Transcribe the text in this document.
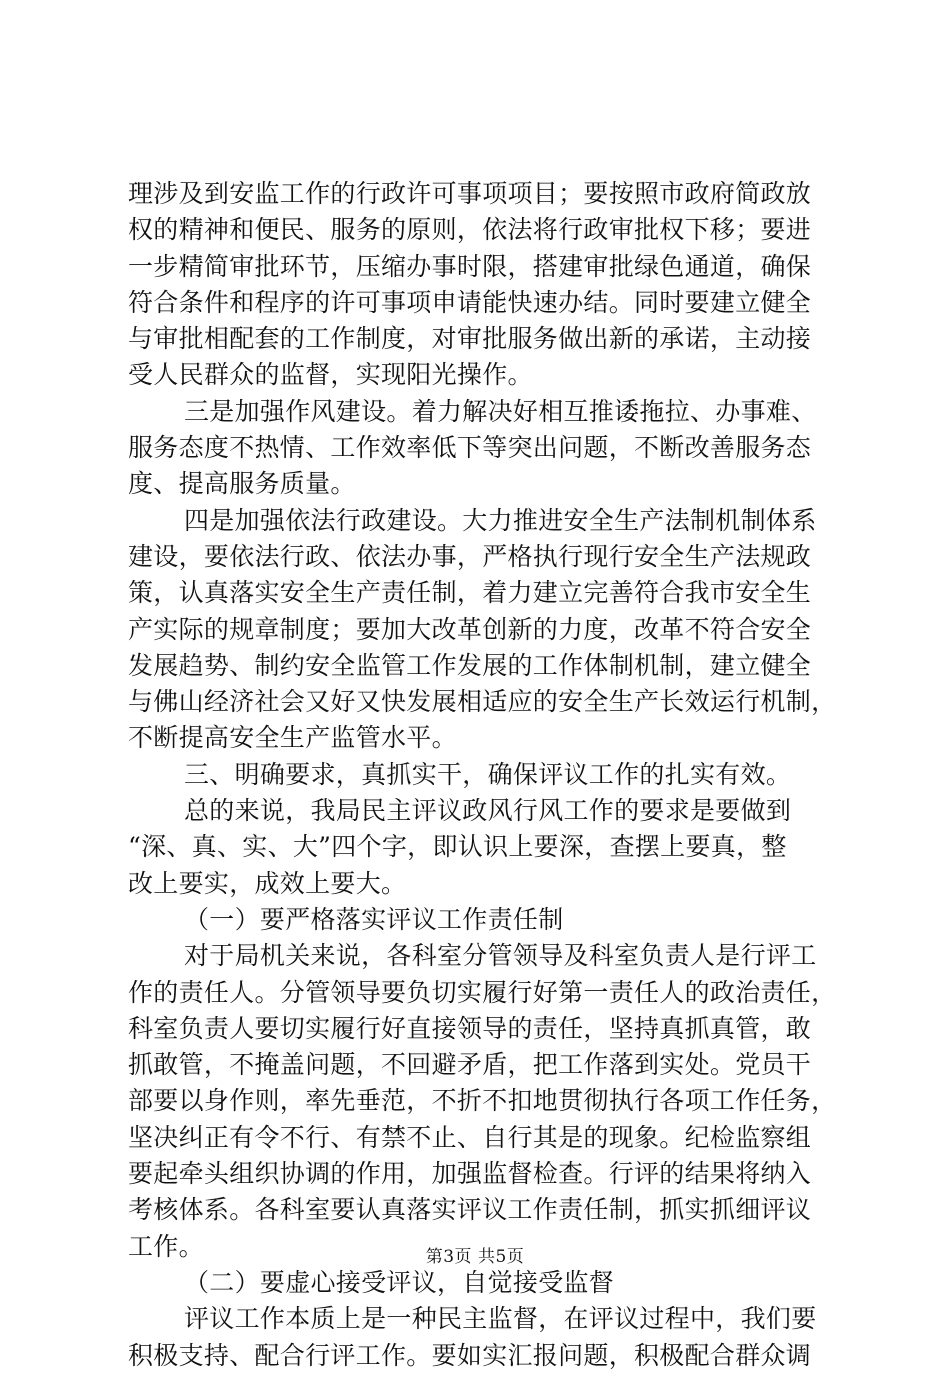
理涉及到安监工作的行政许可事项项目；要按照市政府简政放
权的精神和便民、服务的原则，依法将行政审批权下移；要进
一步精简审批环节，压缩办事时限，搭建审批绿色通道，确保
符合条件和程序的许可事项申请能快速办结。同时要建立健全
与审批相配套的工作制度，对审批服务做出新的承诺，主动接
受人民群众的监督，实现阳光操作。
三是加强作风建设。着力解决好相互推诿拖拉、办事难、
服务态度不热情、工作效率低下等突出问题，不断改善服务态
度、提高服务质量。
四是加强依法行政建设。大力推进安全生产法制机制体系
建设，要依法行政、依法办事，严格执行现行安全生产法规政
策，认真落实安全生产责任制，着力建立完善符合我市安全生
产实际的规章制度；要加大改革创新的力度，改革不符合安全
发展趋势、制约安全监管工作发展的工作体制机制，建立健全
与佛山经济社会又好又快发展相适应的安全生产长效运行机制，
不断提高安全生产监管水平。
三、明确要求，真抓实干，确保评议工作的扎实有效。
总的来说，我局民主评议政风行风工作的要求是要做到
“深、真、实、大”四个字，即认识上要深，查摆上要真，整
改上要实，成效上要大。
（一）要严格落实评议工作责任制
对于局机关来说，各科室分管领导及科室负责人是行评工
作的责任人。分管领导要负切实履行好第一责任人的政治责任，
科室负责人要切实履行好直接领导的责任，坚持真抓真管，敢
抓敢管，不掩盖问题，不回避矛盾，把工作落到实处。党员干
部要以身作则，率先垂范，不折不扣地贯彻执行各项工作任务，
坚决纠正有令不行、有禁不止、自行其是的现象。纪检监察组
要起牵头组织协调的作用，加强监督检查。行评的结果将纳入
考核体系。各科室要认真落实评议工作责任制，抓实抓细评议
工作。
（二）要虚心接受评议，自觉接受监督
评议工作本质上是一种民主监督，在评议过程中，我们要
积极支持、配合行评工作。要如实汇报问题，积极配合群众调
第3页 共5页
